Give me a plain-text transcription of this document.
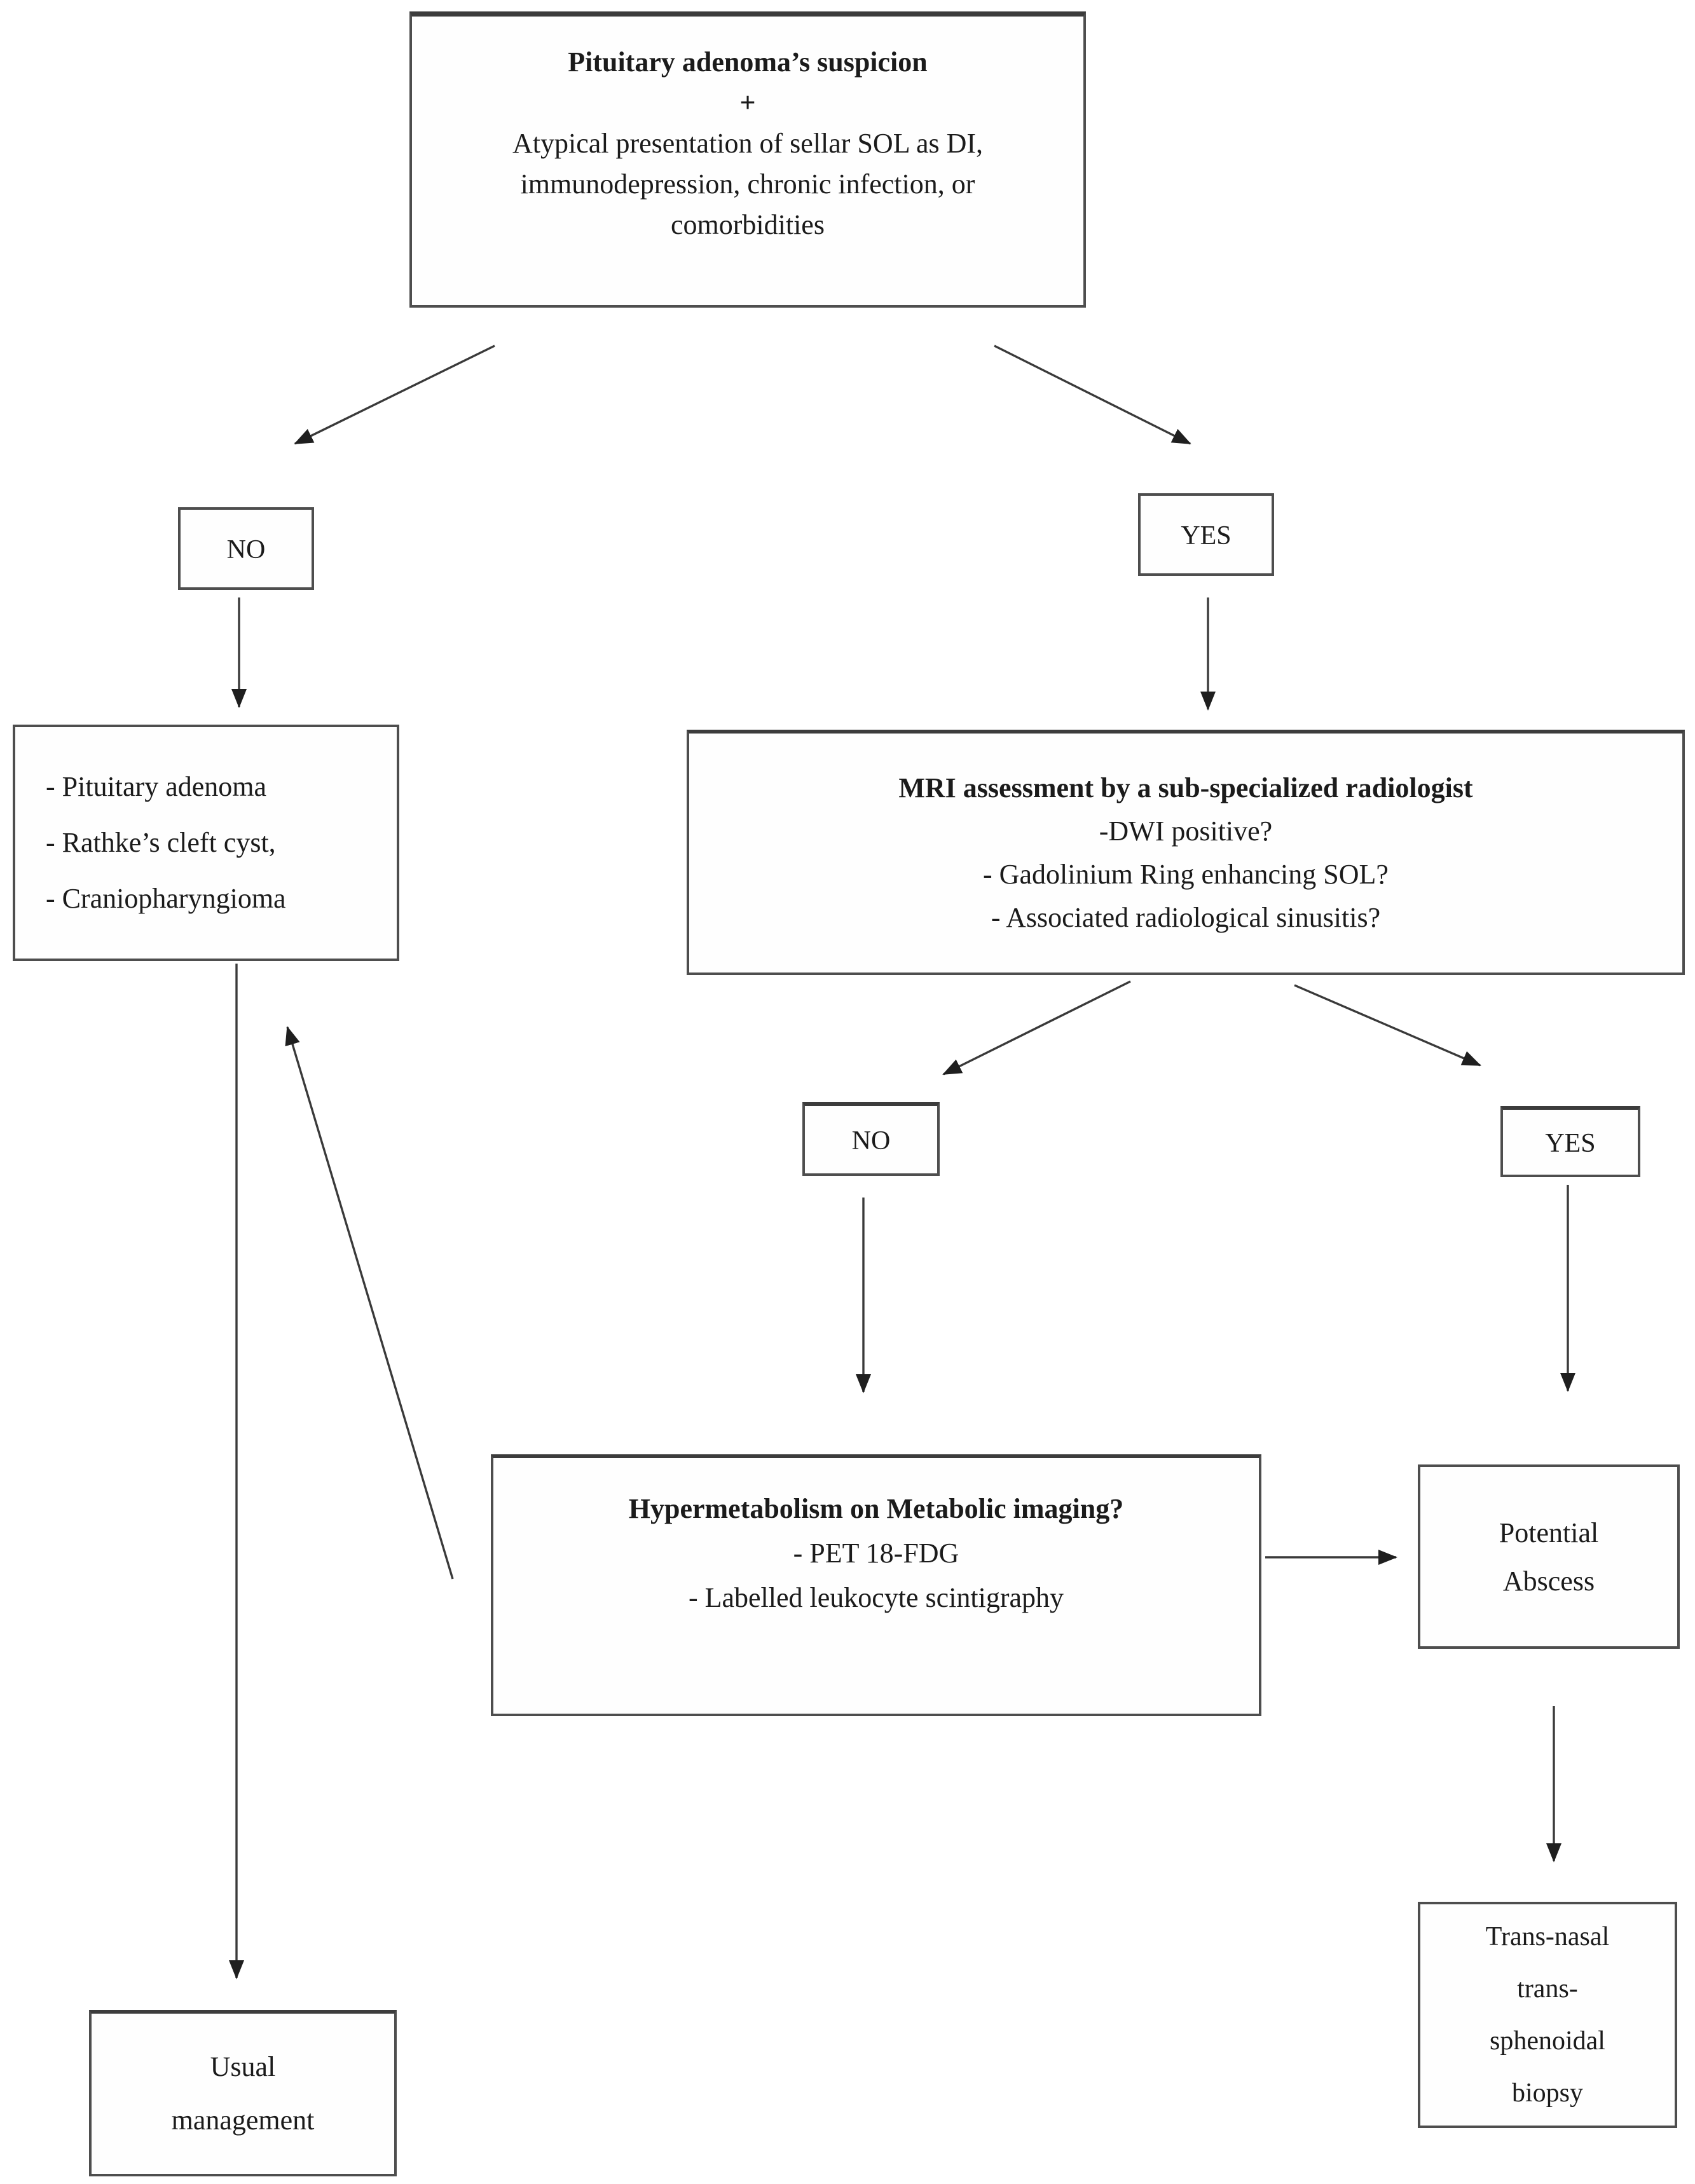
Pituitary adenoma’s suspicion
+
Atypical presentation of sellar SOL as DI,
immunodepression, chronic infection, or
comorbidities
NO	YES
- Pituitary adenoma
- Rathke’s cleft cyst,
- Craniopharyngioma
MRI assessment by a sub-specialized radiologist
-DWI positive?
- Gadolinium Ring enhancing SOL?
- Associated radiological sinusitis?
NO	YES
Hypermetabolism on Metabolic imaging?
- PET 18-FDG
- Labelled leukocyte scintigraphy
Potential
Abscess
Trans-nasal
trans-
sphenoidal
biopsy
Usual
management
